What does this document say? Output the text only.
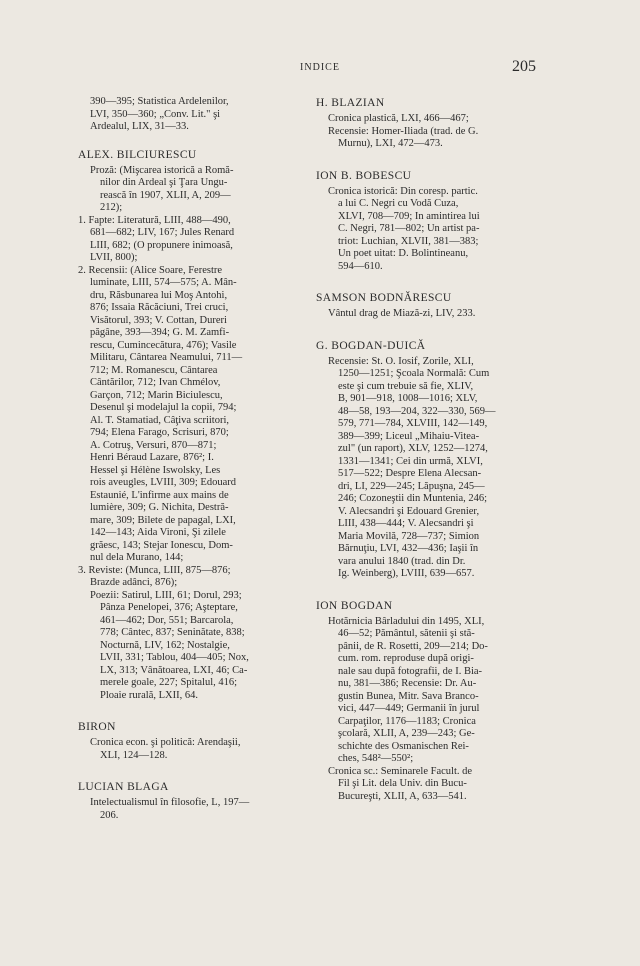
INDICE	205

390—395; Statistica Ardelenilor,

LVI, 350—360; „Conv. Lit." şi

Ardealul, LIX, 31—33.

ALEX. BILCIURESCU

Proză: (Mişcarea istorică a Romă-

nilor din Ardeal şi Ţara Ungu-

rească în 1907, XLII, A, 209—

212);

1. Fapte: Literatură, LIII, 488—490,

681—682; LIV, 167; Jules Renard

LIII, 682; (O propunere inimoasă,

LVII, 800);

2. Recensii: (Alice Soare, Ferestre

luminate, LIII, 574—575; A. Mân-

dru, Răsbunarea lui Moş Antohi,

876; Issaia Răcăciuni, Trei cruci,

Visătorul, 393; V. Cottan, Dureri

păgâne, 393—394; G. M. Zamfi-

rescu, Cumincecătura, 476); Vasile

Militaru, Cântarea Neamului, 711—

712; M. Romanescu, Cântarea

Cântărilor, 712; Ivan Chmélov,

Garçon, 712; Marin Biciulescu,

Desenul şi modelajul la copii, 794;

Al. T. Stamatiad, Câţiva scriitori,

794; Elena Farago, Scrisuri, 870;

A. Cotruş, Versuri, 870—871;

Henri Béraud Lazare, 876²; I.

Hessel şi Hélène Iswolsky, Les

rois aveugles, LVIII, 309; Edouard

Estaunié, L'infirme aux mains de

lumière, 309; G. Nichita, Destră-

mare, 309; Bilete de papagal, LXI,

142—143; Aida Vironi, Şi zilele

grăesc, 143; Stejar Ionescu, Dom-

nul dela Murano, 144;

3. Reviste: (Munca, LIII, 875—876;

Brazde adânci, 876);

Poezii: Satirul, LIII, 61; Dorul, 293;

Pânza Penelopei, 376; Aşteptare,

461—462; Dor, 551; Barcarola,

778; Cântec, 837; Seninătate, 838;

Nocturnă, LIV, 162; Nostalgie,

LVII, 331; Tablou, 404—405; Nox,

LX, 313; Vânătoarea, LXI, 46; Ca-

merele goale, 227; Spitalul, 416;

Ploaie rurală, LXII, 64.

BIRON

Cronica econ. şi politică: Arendaşii,

XLI, 124—128.

LUCIAN BLAGA

Intelectualismul în filosofie, L, 197—

206.

H. BLAZIAN

Cronica plastică, LXI, 466—467;

Recensie: Homer-Iliada (trad. de G.

Murnu), LXI, 472—473.

ION B. BOBESCU

Cronica istorică: Din coresp. partic.

a lui C. Negri cu Vodă Cuza,

XLVI, 708—709; In amintirea lui

C. Negri, 781—802; Un artist pa-

triot: Luchian, XLVII, 381—383;

Un poet uitat: D. Bolintineanu,

594—610.

SAMSON BODNĂRESCU

Vântul drag de Miază-zi, LIV, 233.

G. BOGDAN-DUICĂ

Recensie: St. O. Iosif, Zorile, XLI,

1250—1251; Şcoala Normală: Cum

este şi cum trebuie să fie, XLIV,

B, 901—918, 1008—1016; XLV,

48—58, 193—204, 322—330, 569—

579, 771—784, XLVIII, 142—149,

389—399; Liceul „Mihaiu-Vitea-

zul" (un raport), XLV, 1252—1274,

1331—1341; Cei din urmă, XLVI,

517—522; Despre Elena Alecsan-

dri, LI, 229—245; Lăpuşna, 245—

246; Cozoneştii din Muntenia, 246;

V. Alecsandri şi Edouard Grenier,

LIII, 438—444; V. Alecsandri şi

Maria Movilă, 728—737; Simion

Bărnuţiu, LVI, 432—436; Iaşii în

vara anului 1840 (trad. din Dr.

Ig. Weinberg), LVIII, 639—657.

ION BOGDAN

Hotărnicia Bârladului din 1495, XLI,

46—52; Pământul, sătenii şi stă-

pânii, de R. Rosetti, 209—214; Do-

cum. rom. reproduse după origi-

nale sau după fotografii, de I. Bia-

nu, 381—386; Recensie: Dr. Au-

gustin Bunea, Mitr. Sava Branco-

vici, 447—449; Germanii în jurul

Carpaţilor, 1176—1183; Cronica

şcolară, XLII, A, 239—243; Ge-

schichte des Osmanischen Rei-

ches, 548²—550²;

Cronica sc.: Seminarele Facult. de

Fil şi Lit. dela Univ. din Bucu-

Bucureşti, XLII, A, 633—541.
